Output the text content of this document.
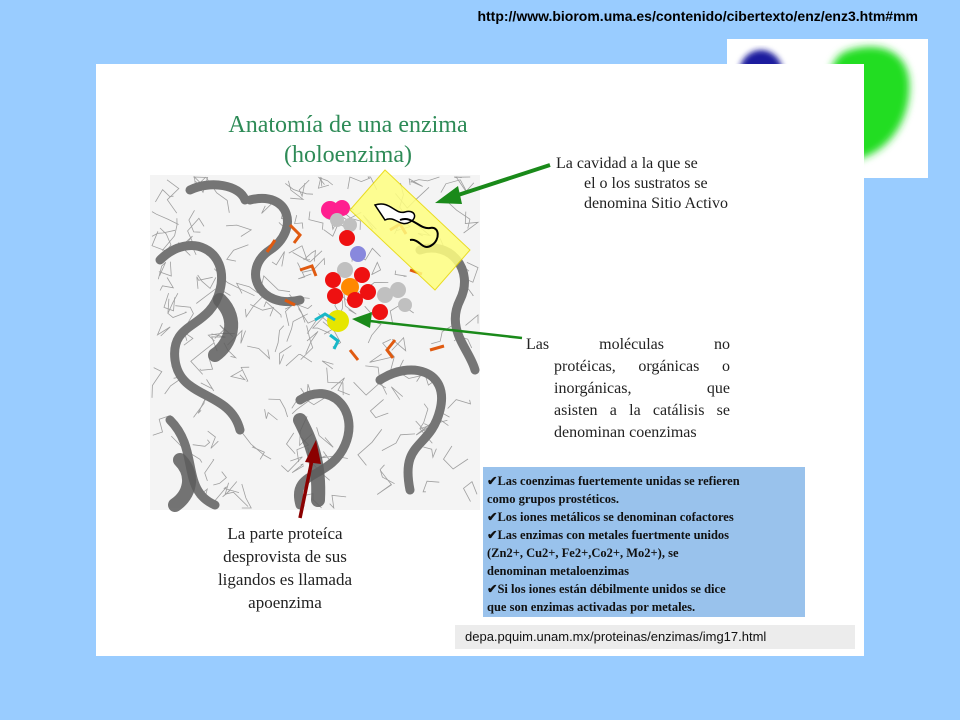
http://www.biorom.uma.es/contenido/cibertexto/enz/enz3.htm#mm
Anatomía de una enzima
(holoenzima)	La cavidad a la que se
el o los sustratos se
denomina Sitio Activo
Las moléculas no
protéicas, orgánicas o
inorgánicas, que
asisten a la catálisis se
denominan coenzimas
La parte proteíca
desprovista de sus
ligandos es llamada
apoenzima
✔Las coenzimas fuertemente unidas se refieren
como grupos prostéticos.
✔Los iones metálicos se denominan cofactores
✔Las enzimas con metales fuertmente unidos
(Zn2+, Cu2+, Fe2+,Co2+, Mo2+), se
denominan metaloenzimas
✔Si los iones están débilmente unidos se dice
que son enzimas activadas por metales.
depa.pquim.unam.mx/proteinas/enzimas/img17.html
